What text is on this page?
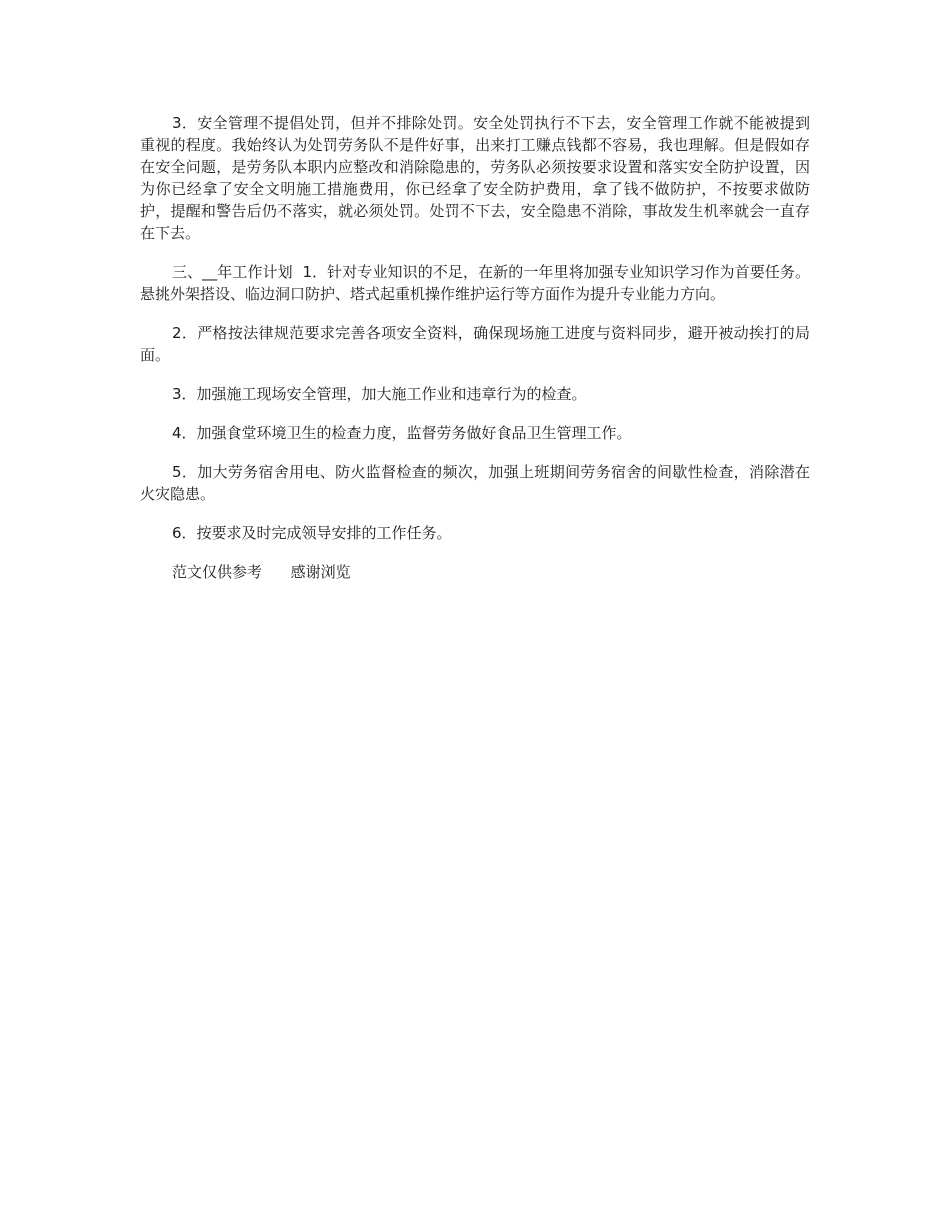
3．安全管理不提倡处罚，但并不排除处罚。安全处罚执行不下去，安全管理工作就不能被提到重视的程度。我始终认为处罚劳务队不是件好事，出来打工赚点钱都不容易，我也理解。但是假如存在安全问题，是劳务队本职内应整改和消除隐患的，劳务队必须按要求设置和落实安全防护设置，因为你已经拿了安全文明施工措施费用，你已经拿了安全防护费用，拿了钱不做防护，不按要求做防护，提醒和警告后仍不落实，就必须处罚。处罚不下去，安全隐患不消除，事故发生机率就会一直存在下去。

三、__年工作计划  1．针对专业知识的不足，在新的一年里将加强专业知识学习作为首要任务。悬挑外架搭设、临边洞口防护、塔式起重机操作维护运行等方面作为提升专业能力方向。

2．严格按法律规范要求完善各项安全资料，确保现场施工进度与资料同步，避开被动挨打的局面。

3．加强施工现场安全管理，加大施工作业和违章行为的检查。

4．加强食堂环境卫生的检查力度，监督劳务做好食品卫生管理工作。

5．加大劳务宿舍用电、防火监督检查的频次，加强上班期间劳务宿舍的间歇性检查，消除潜在火灾隐患。

6．按要求及时完成领导安排的工作任务。

范文仅供参考      感谢浏览
